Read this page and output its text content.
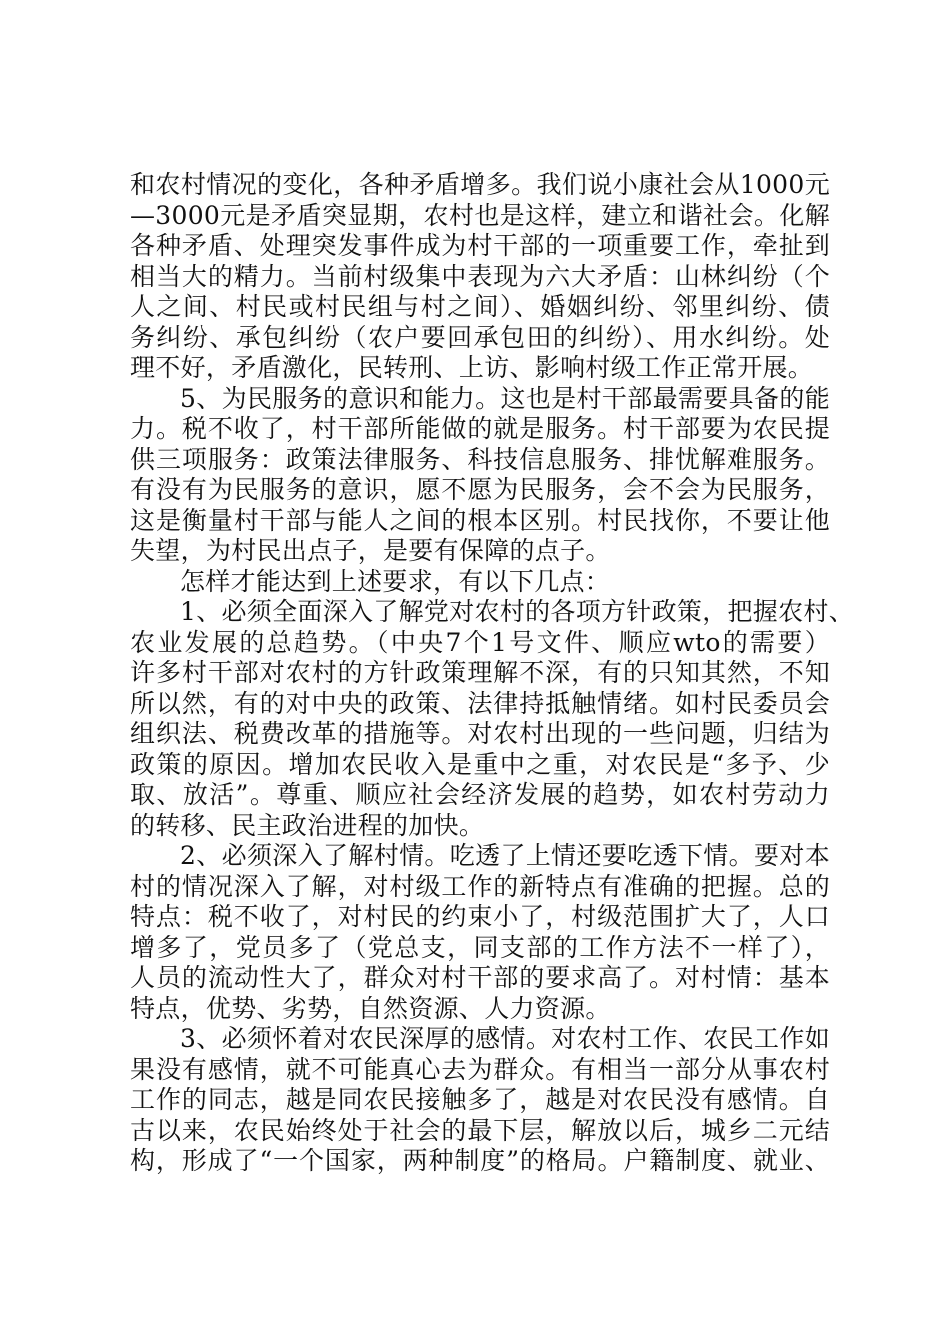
和农村情况的变化，各种矛盾增多。我们说小康社会从1000元
—3000元是矛盾突显期，农村也是这样，建立和谐社会。化解
各种矛盾、处理突发事件成为村干部的一项重要工作，牵扯到
相当大的精力。当前村级集中表现为六大矛盾：山林纠纷（个
人之间、村民或村民组与村之间）、婚姻纠纷、邻里纠纷、债
务纠纷、承包纠纷（农户要回承包田的纠纷）、用水纠纷。处
理不好，矛盾激化，民转刑、上访、影响村级工作正常开展。
5、为民服务的意识和能力。这也是村干部最需要具备的能
力。税不收了，村干部所能做的就是服务。村干部要为农民提
供三项服务：政策法律服务、科技信息服务、排忧解难服务。
有没有为民服务的意识，愿不愿为民服务，会不会为民服务，
这是衡量村干部与能人之间的根本区别。村民找你，不要让他
失望，为村民出点子，是要有保障的点子。
怎样才能达到上述要求，有以下几点：
1、必须全面深入了解党对农村的各项方针政策，把握农村、
农业发展的总趋势。（中央7个1号文件、顺应wto的需要）
许多村干部对农村的方针政策理解不深，有的只知其然，不知
所以然，有的对中央的政策、法律持抵触情绪。如村民委员会
组织法、税费改革的措施等。对农村出现的一些问题，归结为
政策的原因。增加农民收入是重中之重，对农民是“多予、少
取、放活”。尊重、顺应社会经济发展的趋势，如农村劳动力
的转移、民主政治进程的加快。
2、必须深入了解村情。吃透了上情还要吃透下情。要对本
村的情况深入了解，对村级工作的新特点有准确的把握。总的
特点：税不收了，对村民的约束小了，村级范围扩大了，人口
增多了，党员多了（党总支，同支部的工作方法不一样了），
人员的流动性大了，群众对村干部的要求高了。对村情：基本
特点，优势、劣势，自然资源、人力资源。
3、必须怀着对农民深厚的感情。对农村工作、农民工作如
果没有感情，就不可能真心去为群众。有相当一部分从事农村
工作的同志，越是同农民接触多了，越是对农民没有感情。自
古以来，农民始终处于社会的最下层，解放以后，城乡二元结
构，形成了“一个国家，两种制度”的格局。户籍制度、就业、
